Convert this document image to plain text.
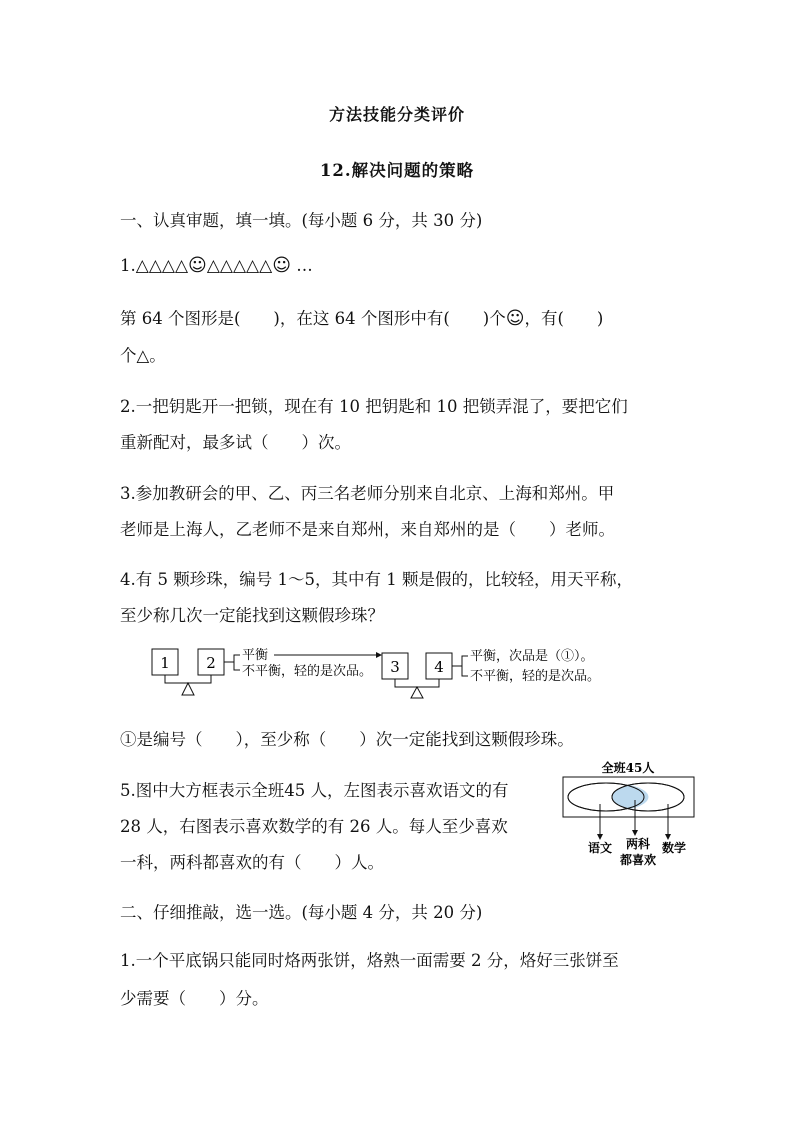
方法技能分类评价
12.解决问题的策略
一、认真审题，填一填。(每小题 6 分，共 30 分)
1.△△△△☺△△△△△☺ …
第 64 个图形是(　　)，在这 64 个图形中有(　　)个☺，有(　　)
个△。
2.一把钥匙开一把锁，现在有 10 把钥匙和 10 把锁弄混了，要把它们
重新配对，最多试（　　）次。
3.参加教研会的甲、乙、丙三名老师分别来自北京、上海和郑州。甲
老师是上海人，乙老师不是来自郑州，来自郑州的是（　　）老师。
4.有 5 颗珍珠，编号 1～5，其中有 1 颗是假的，比较轻，用天平称，
至少称几次一定能找到这颗假珍珠？
1 2 平衡
不平衡，轻的是次品。 3 4
平衡，次品是（①）。
不平衡，轻的是次品。
①是编号（　　），至少称（　　）次一定能找到这颗假珍珠。
5.图中大方框表示全班45 人，左图表示喜欢语文的有
28 人，右图表示喜欢数学的有 26 人。每人至少喜欢
一科，两科都喜欢的有（　　）人。
全班45人
语文 两科
都喜欢
数学
二、仔细推敲，选一选。(每小题 4 分，共 20 分)
1.一个平底锅只能同时烙两张饼，烙熟一面需要 2 分，烙好三张饼至
少需要（　　）分。
